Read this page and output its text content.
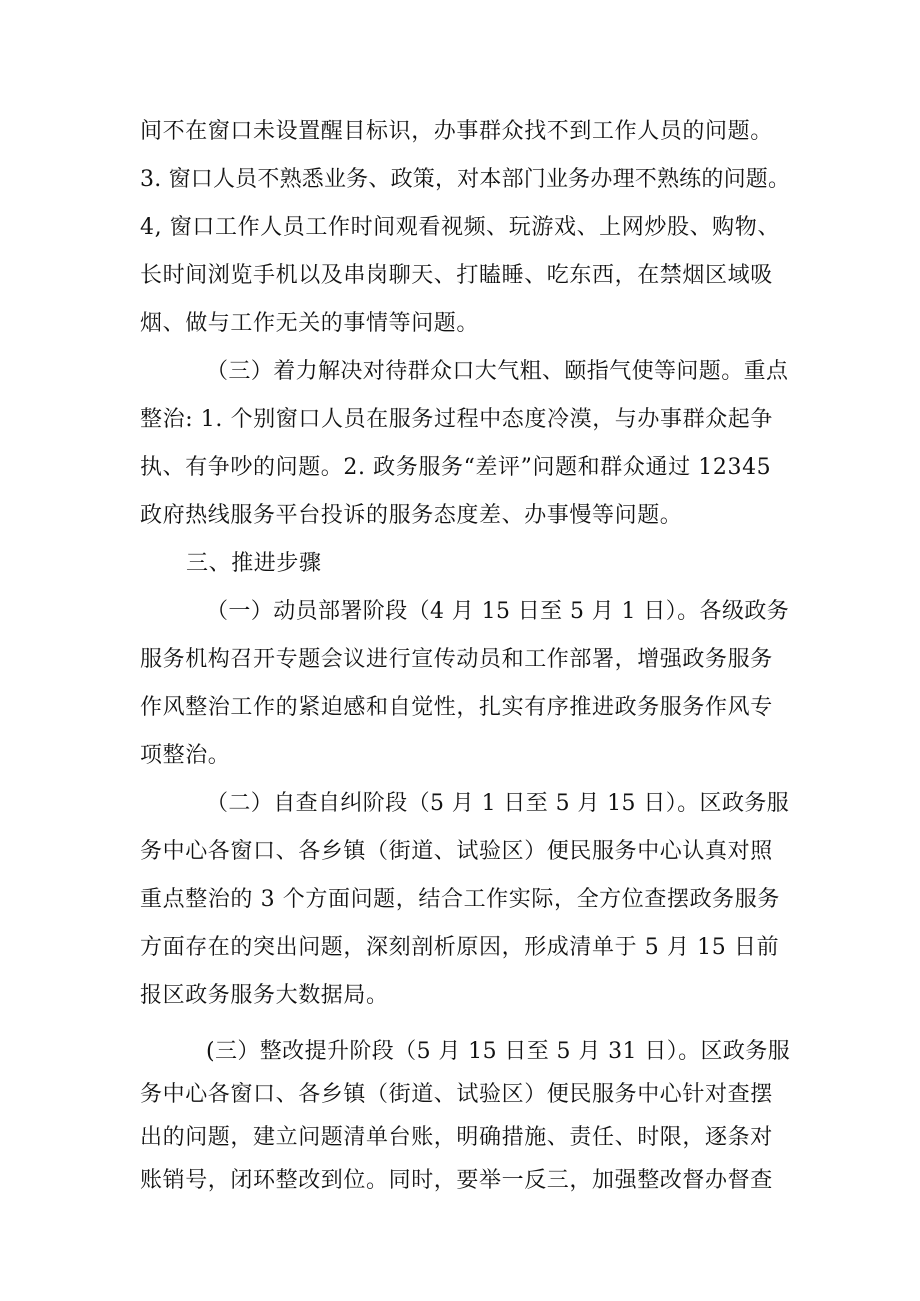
间不在窗口未设置醒目标识，办事群众找不到工作人员的问题。
3. 窗口人员不熟悉业务、政策，对本部门业务办理不熟练的问题。
4, 窗口工作人员工作时间观看视频、玩游戏、上网炒股、购物、
长时间浏览手机以及串岗聊天、打瞌睡、吃东西，在禁烟区域吸
烟、做与工作无关的事情等问题。
（三）着力解决对待群众口大气粗、颐指气使等问题。重点
整治: 1. 个别窗口人员在服务过程中态度冷漠，与办事群众起争
执、有争吵的问题。2. 政务服务“差评”问题和群众通过 12345
政府热线服务平台投诉的服务态度差、办事慢等问题。
三、推进步骤
（一）动员部署阶段（4 月 15 日至 5 月 1 日）。各级政务
服务机构召开专题会议进行宣传动员和工作部署，增强政务服务
作风整治工作的紧迫感和自觉性，扎实有序推进政务服务作风专
项整治。
（二）自查自纠阶段（5 月 1 日至 5 月 15 日）。区政务服
务中心各窗口、各乡镇（街道、试验区）便民服务中心认真对照
重点整治的 3 个方面问题，结合工作实际，全方位查摆政务服务
方面存在的突出问题，深刻剖析原因，形成清单于 5 月 15 日前
报区政务服务大数据局。
(三）整改提升阶段（5 月 15 日至 5 月 31 日）。区政务服
务中心各窗口、各乡镇（街道、试验区）便民服务中心针对查摆
出的问题，建立问题清单台账，明确措施、责任、时限，逐条对
账销号，闭环整改到位。同时，要举一反三，加强整改督办督查
